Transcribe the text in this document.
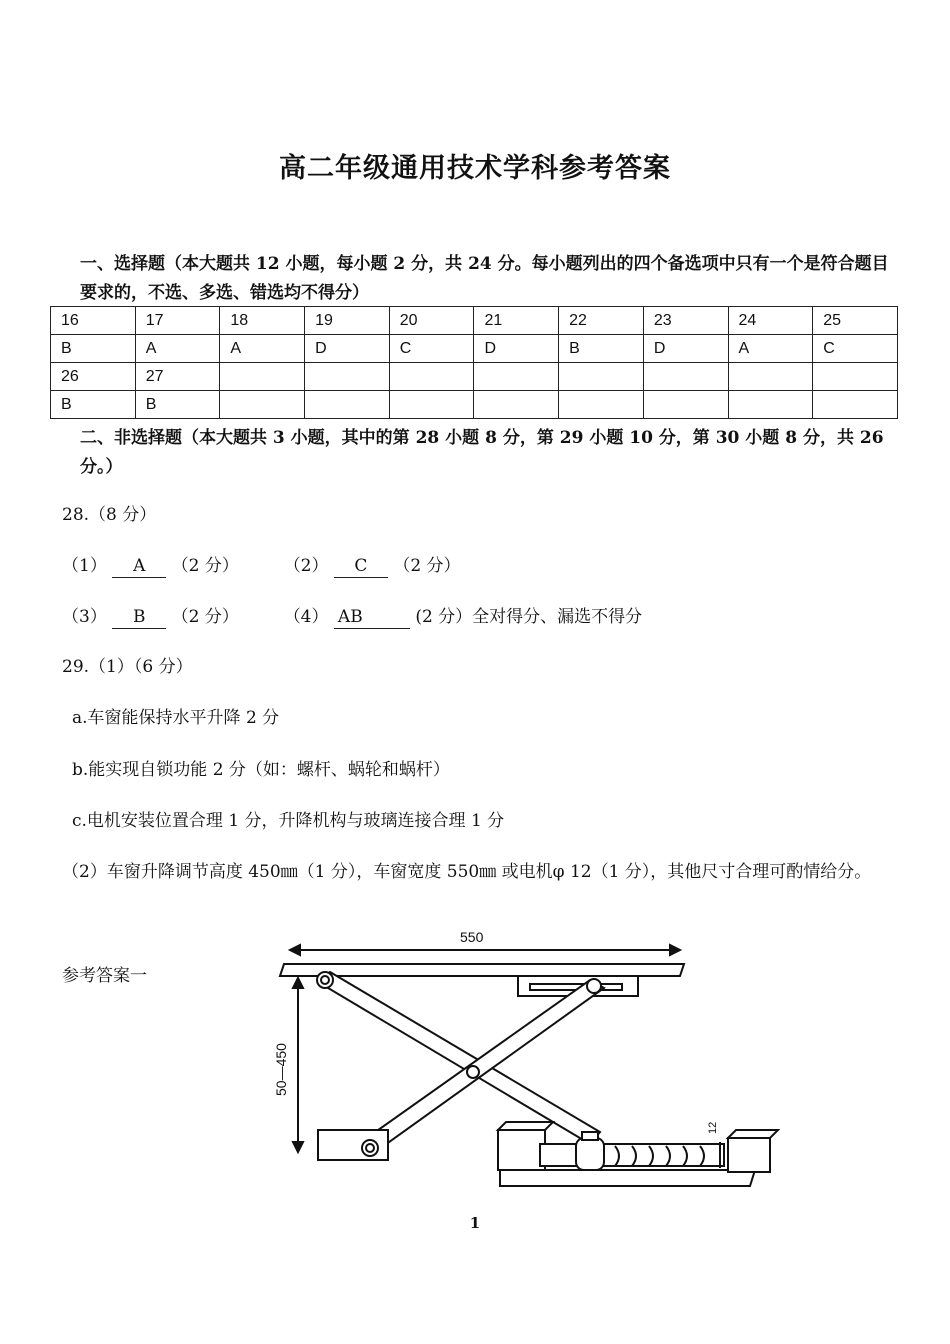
高二年级通用技术学科参考答案
一、选择题（本大题共 12 小题，每小题 2 分，共 24 分。每小题列出的四个备选项中只有一个是符合题目要求的，不选、多选、错选均不得分）
16	17	18	19	20	21	22	23	24	25
B	A	A	D	C	D	B	D	A	C
26	27								
B	B								
二、非选择题（本大题共 3 小题，其中的第 28 小题 8 分，第 29 小题 10 分，第 30 小题 8 分，共 26 分。）
28.（8 分）
（1） A （2 分）	（2） C （2 分）
（3） B （2 分）	（4） AB	(2 分）全对得分、漏选不得分
29.（1）（6 分）
a.车窗能保持水平升降 2 分
b.能实现自锁功能 2 分（如：螺杆、蜗轮和蜗杆）
c.电机安装位置合理 1 分，升降机构与玻璃连接合理 1 分
（2）车窗升降调节高度 450㎜（1 分），车窗宽度 550㎜ 或电机φ 12（1 分），其他尺寸合理可酌情给分。
参考答案一
550
50—450
12
1
